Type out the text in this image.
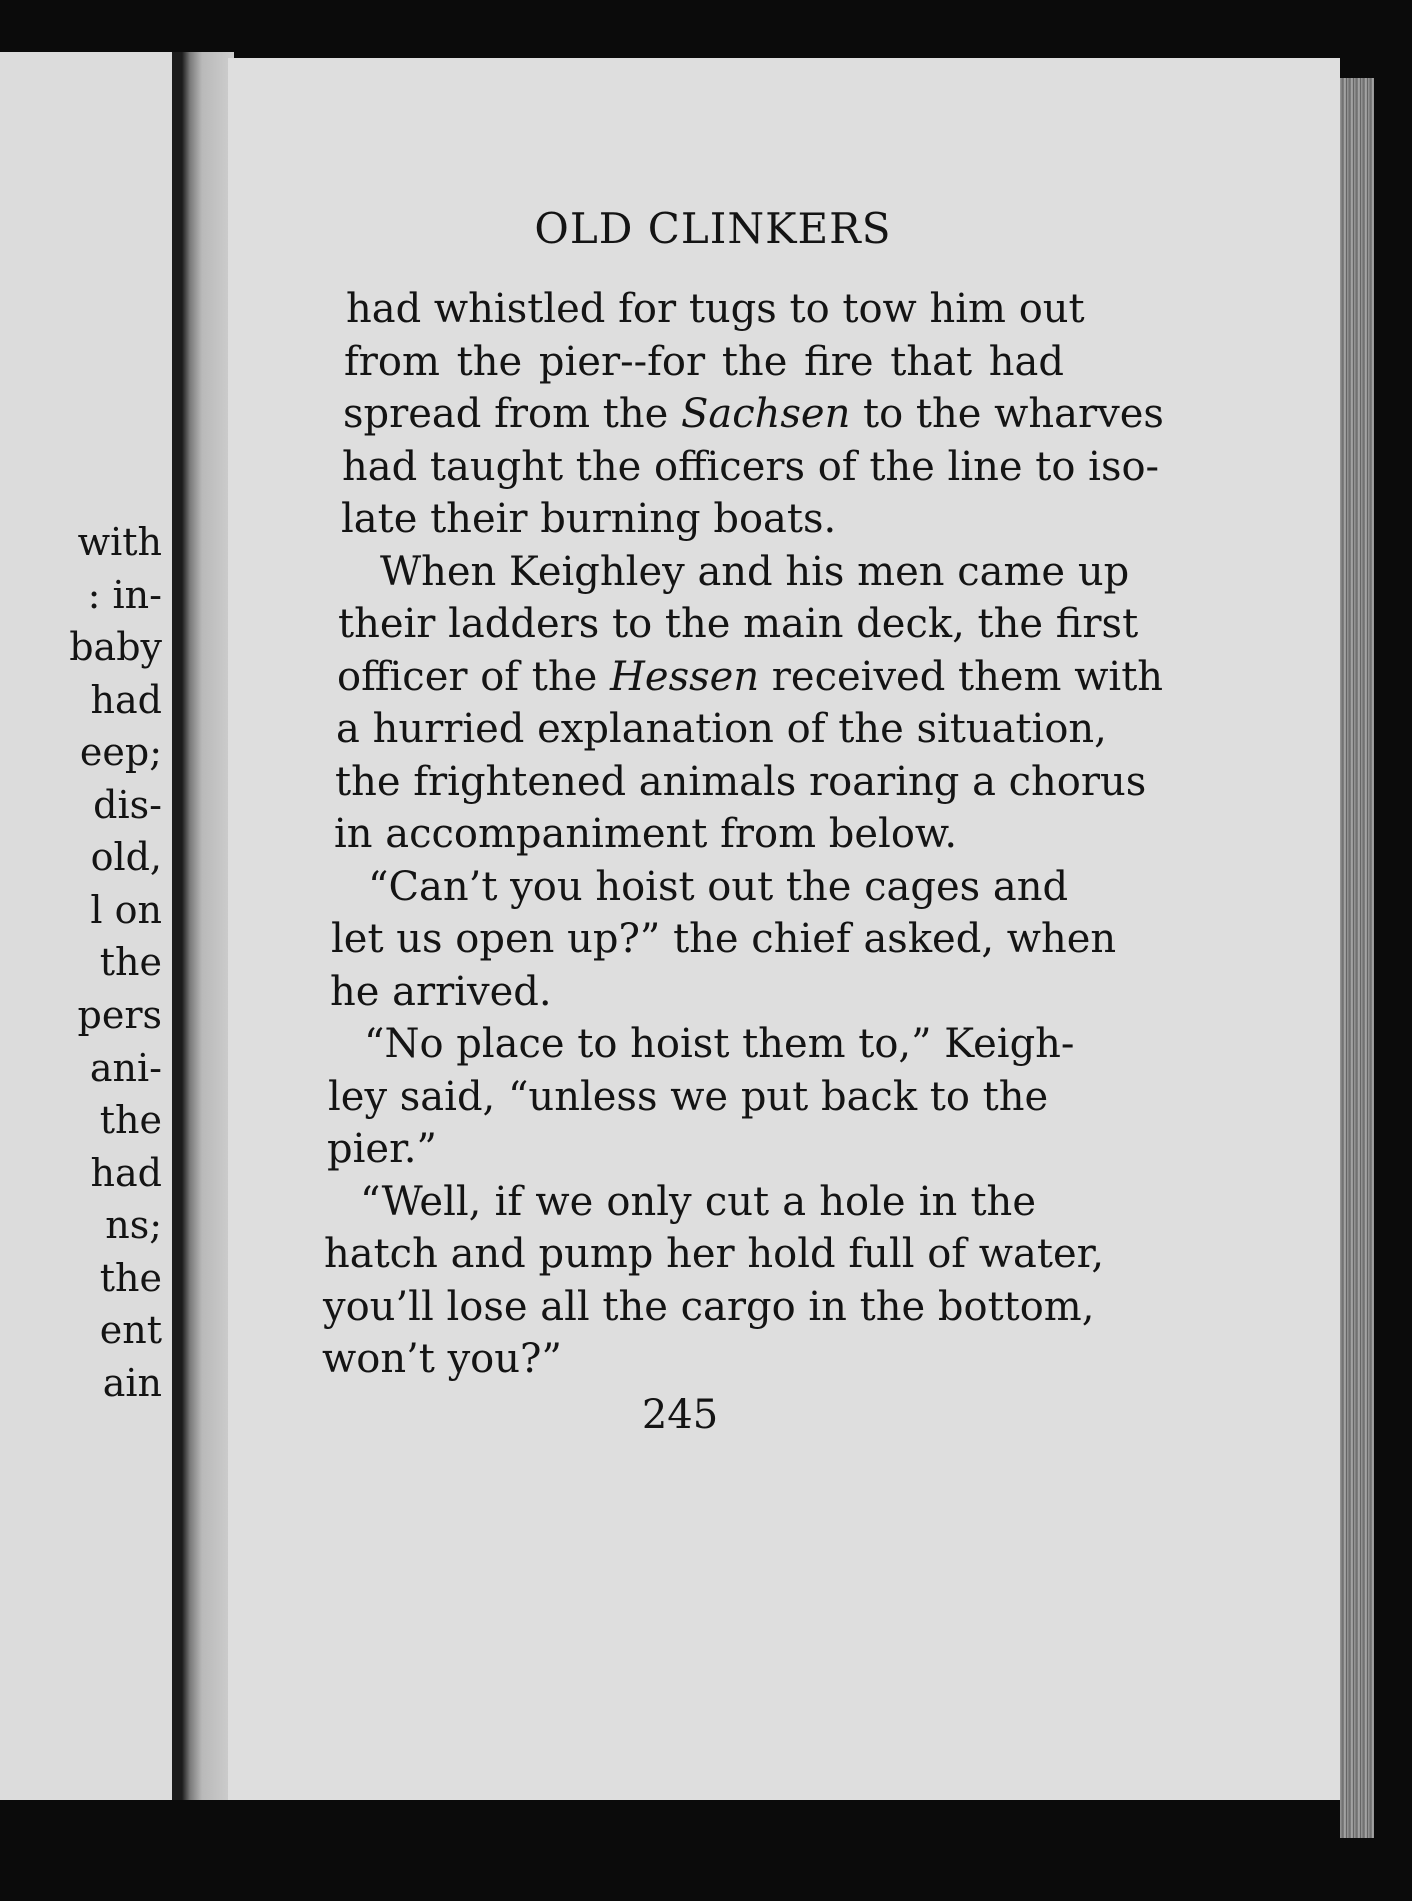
with
: in-
baby
had
eep;
dis-
old,
l on
the
pers
ani-
the
had
ns;
the
ent
ain
OLD CLINKERS
had whistled for tugs to tow him out
from the pier--for the fire that had
spread from the Sachsen to the wharves
had taught the officers of the line to iso-
late their burning boats.
When Keighley and his men came up
their ladders to the main deck, the first
officer of the Hessen received them with
a hurried explanation of the situation,
the frightened animals roaring a chorus
in accompaniment from below.
“Can’t you hoist out the cages and
let us open up?” the chief asked, when
he arrived.
“No place to hoist them to,” Keigh-
ley said, “unless we put back to the
pier.”
“Well, if we only cut a hole in the
hatch and pump her hold full of water,
you’ll lose all the cargo in the bottom,
won’t you?”
245
